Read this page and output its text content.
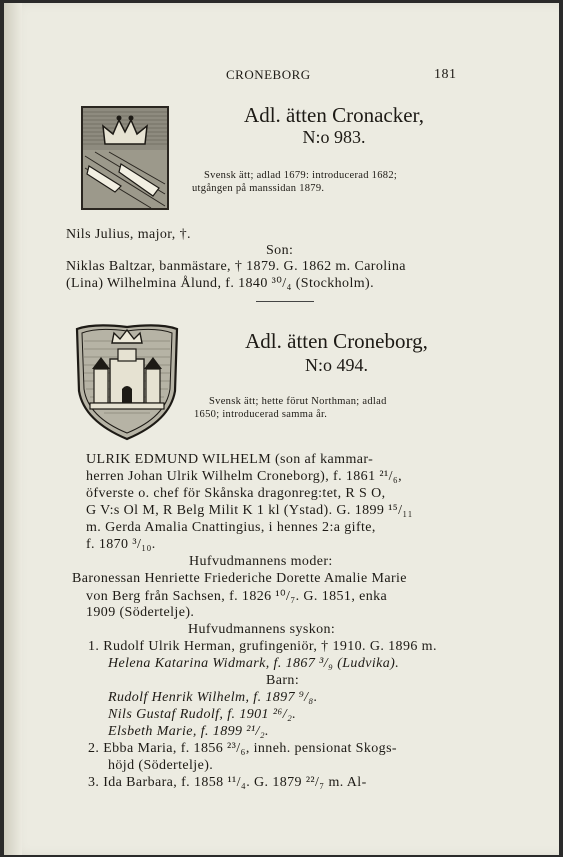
CRONEBORG	181
Adl. ätten Cronacker,
N:o 983.
Svensk ätt; adlad 1679: introducerad 1682;
utgången på manssidan 1879.
Nils Julius, major, †.
Son:
Niklas Baltzar, banmästare, † 1879. G. 1862 m. Carolina
(Lina) Wilhelmina Ålund, f. 1840 ³⁰/₄ (Stockholm).
Adl. ätten Croneborg,
N:o 494.
Svensk ätt; hette förut Northman; adlad
1650; introducerad samma år.
ULRIK EDMUND WILHELM (son af kammar-
herren Johan Ulrik Wilhelm Croneborg), f. 1861 ²¹/₆,
öfverste o. chef för Skånska dragonreg:tet, R S O,
G V:s Ol M, R Belg Milit K 1 kl (Ystad). G. 1899 ¹⁵/₁₁
m. Gerda Amalia Cnattingius, i hennes 2:a gifte,
f. 1870 ³/₁₀.
Hufvudmannens moder:
Baronessan Henriette Friederiche Dorette Amalie Marie
von Berg från Sachsen, f. 1826 ¹⁰/₇. G. 1851, enka
1909 (Södertelje).
Hufvudmannens syskon:
1. Rudolf Ulrik Herman, grufingeniör, † 1910. G. 1896 m.
Helena Katarina Widmark, f. 1867 ³/₉ (Ludvika).
Barn:
Rudolf Henrik Wilhelm, f. 1897 ⁹/₈.
Nils Gustaf Rudolf, f. 1901 ²⁶/₂.
Elsbeth Marie, f. 1899 ²¹/₂.
2. Ebba Maria, f. 1856 ²³/₆, inneh. pensionat Skogs-
höjd (Södertelje).
3. Ida Barbara, f. 1858 ¹¹/₄. G. 1879 ²²/₇ m. Al-
